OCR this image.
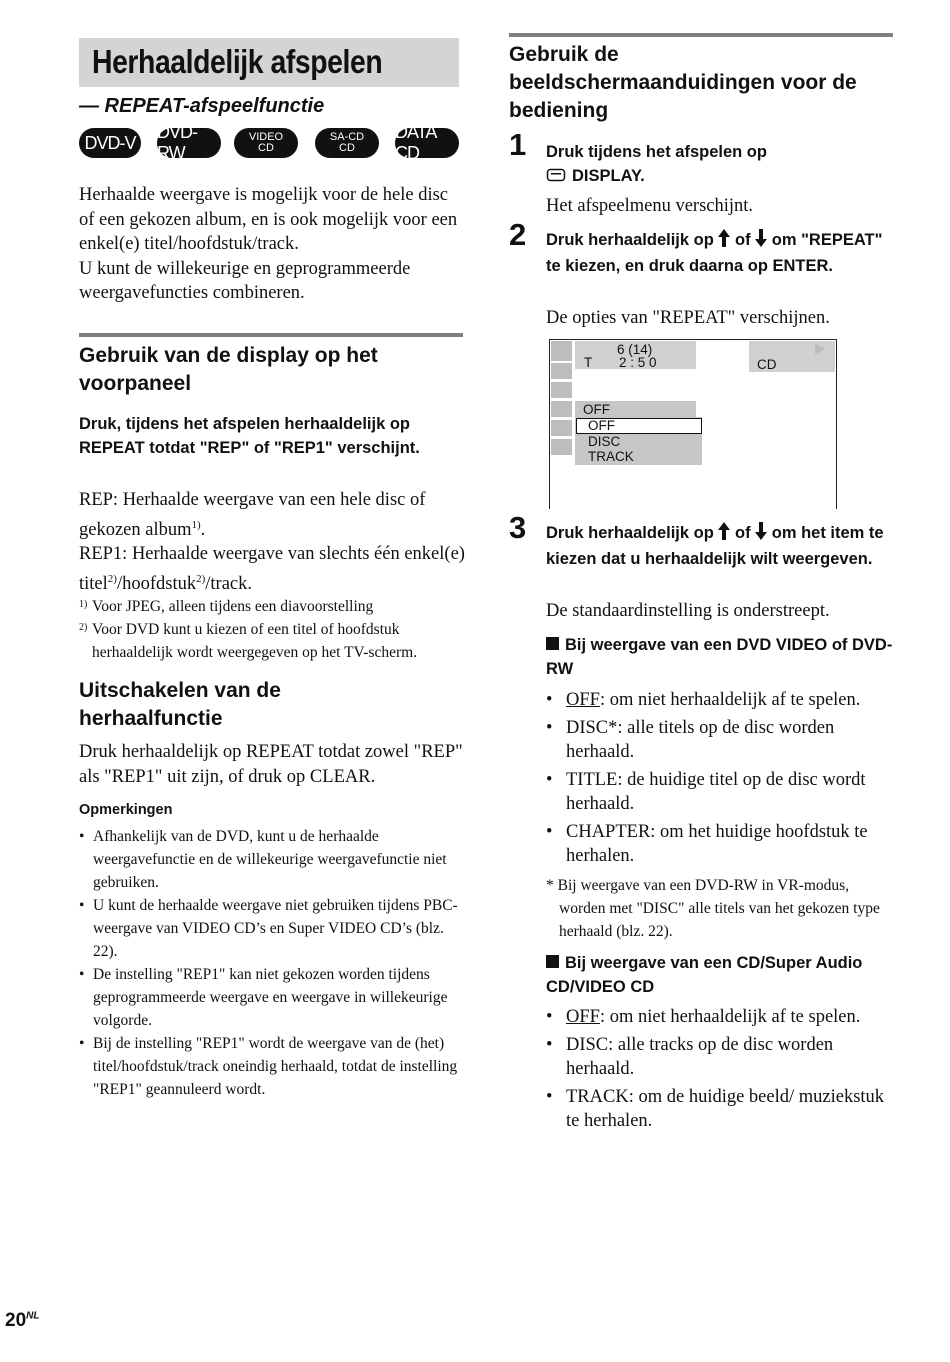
Herhaaldelijk afspelen
— REPEAT-afspeelfunctie
DVD-V
DVD-RW
VIDEO
CD
SA-CD
CD
DATA CD
Herhaalde weergave is mogelijk voor de hele disc of een gekozen album, en is ook mogelijk voor een enkel(e) titel/hoofdstuk/track.
U kunt de willekeurige en geprogrammeerde weergavefuncties combineren.
Gebruik van de display op het voorpaneel
Druk, tijdens het afspelen herhaaldelijk op REPEAT totdat "REP" of "REP1" verschijnt.
REP: Herhaalde weergave van een hele disc of gekozen album$^{1)}$.
REP1: Herhaalde weergave van slechts één enkel(e) titel$^{2)}$/hoofdstuk$^{2)}$/track.
1) Voor JPEG, alleen tijdens een diavoorstelling
2) Voor DVD kunt u kiezen of een titel of hoofdstuk herhaaldelijk wordt weergegeven op het TV-scherm.
Uitschakelen van de herhaalfunctie
Druk herhaaldelijk op REPEAT totdat zowel "REP" als "REP1" uit zijn, of druk op CLEAR.
Opmerkingen
• Afhankelijk van de DVD, kunt u de herhaalde weergavefunctie en de willekeurige weergavefunctie niet gebruiken.
• U kunt de herhaalde weergave niet gebruiken tijdens PBC-weergave van VIDEO CD’s en Super VIDEO CD’s (blz. 22).
• De instelling "REP1" kan niet gekozen worden tijdens geprogrammeerde weergave en weergave in willekeurige volgorde.
• Bij de instelling "REP1" wordt de weergave van de (het) titel/hoofdstuk/track oneindig herhaald, totdat de instelling "REP1" geannuleerd wordt.
Gebruik de beeldschermaanduidingen voor de bediening
1 Druk tijdens het afspelen op
DISPLAY.
Het afspeelmenu verschijnt.
2 Druk herhaaldelijk op of om "REPEAT" te kiezen, en druk daarna op ENTER.
De opties van "REPEAT" verschijnen.
6 (14)
T 2 : 5 0	CD
OFF
OFF
DISC
TRACK
3 Druk herhaaldelijk op of om het item te kiezen dat u herhaaldelijk wilt weergeven.
De standaardinstelling is onderstreept.
Bij weergave van een DVD VIDEO of DVD-RW
• OFF: om niet herhaaldelijk af te spelen.
• DISC*: alle titels op de disc worden herhaald.
• TITLE: de huidige titel op de disc wordt herhaald.
• CHAPTER: om het huidige hoofdstuk te herhalen.
* Bij weergave van een DVD-RW in VR-modus, worden met "DISC" alle titels van het gekozen type herhaald (blz. 22).
Bij weergave van een CD/Super Audio CD/VIDEO CD
• OFF: om niet herhaaldelijk af te spelen.
• DISC: alle tracks op de disc worden herhaald.
• TRACK: om de huidige beeld/ muziekstuk te herhalen.
$20^{NL}$
